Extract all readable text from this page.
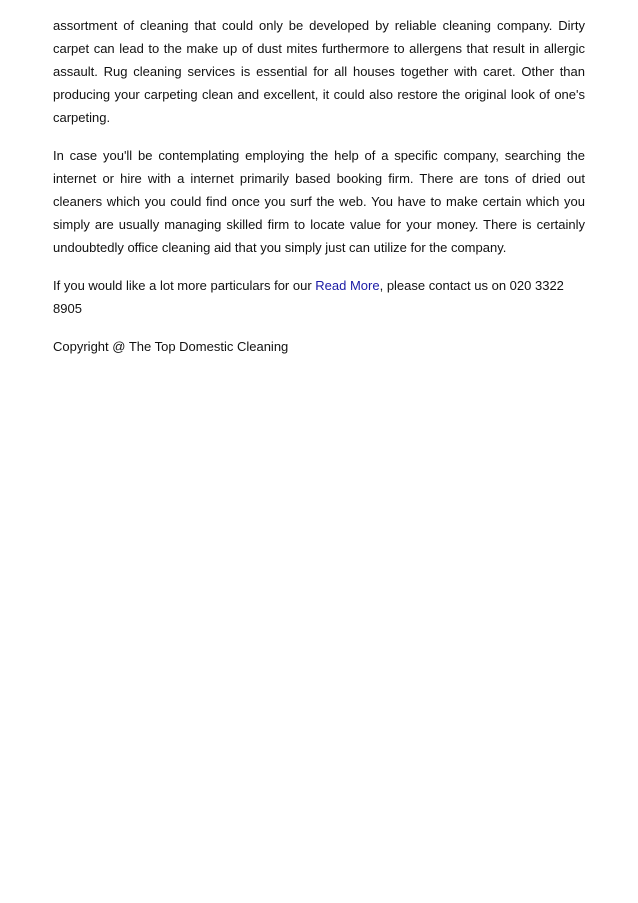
assortment of cleaning that could only be developed by reliable cleaning company. Dirty carpet can lead to the make up of dust mites furthermore to allergens that result in allergic assault. Rug cleaning services is essential for all houses together with caret. Other than producing your carpeting clean and excellent, it could also restore the original look of one's carpeting.

In case you'll be contemplating employing the help of a specific company, searching the internet or hire with a internet primarily based booking firm. There are tons of dried out cleaners which you could find once you surf the web. You have to make certain which you simply are usually managing skilled firm to locate value for your money. There is certainly undoubtedly office cleaning aid that you simply just can utilize for the company.

If you would like a lot more particulars for our Read More, please contact us on 020 3322 8905

Copyright @ The Top Domestic Cleaning
